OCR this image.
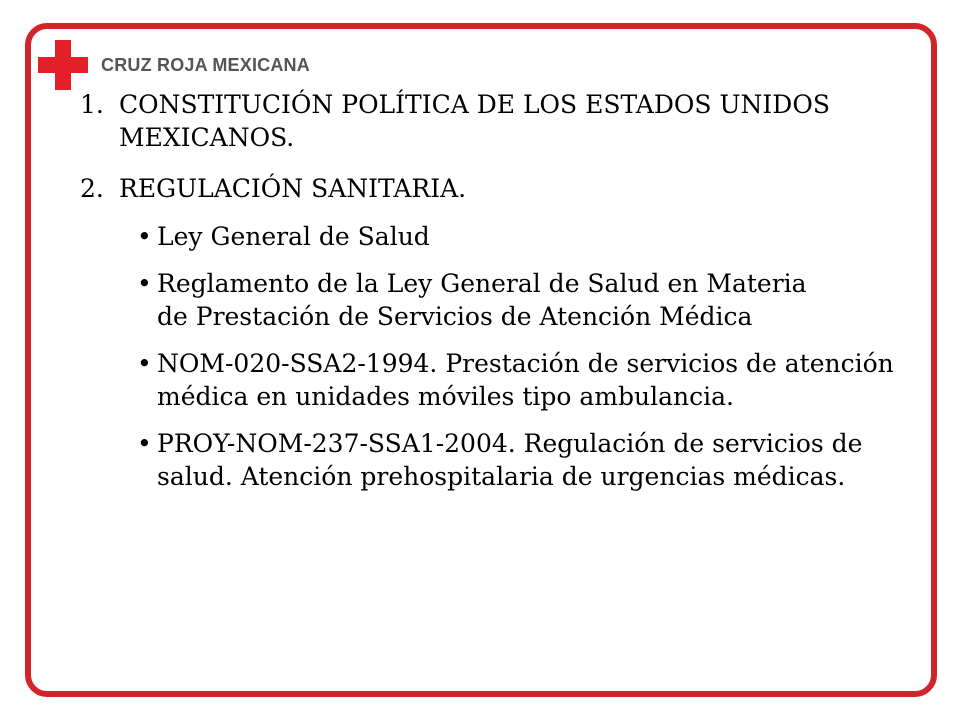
CRUZ ROJA MEXICANA
1. CONSTITUCIÓN POLÍTICA DE LOS ESTADOS UNIDOS MEXICANOS.
2. REGULACIÓN SANITARIA.
• Ley General de Salud
• Reglamento de la Ley General de Salud en Materiade Prestación de Servicios de Atención Médica
• NOM-020-SSA2-1994. Prestación de servicios de atención médica en unidades móviles tipo ambulancia.
• PROY-NOM-237-SSA1-2004. Regulación de servicios de salud. Atención prehospitalaria de urgencias médicas.
